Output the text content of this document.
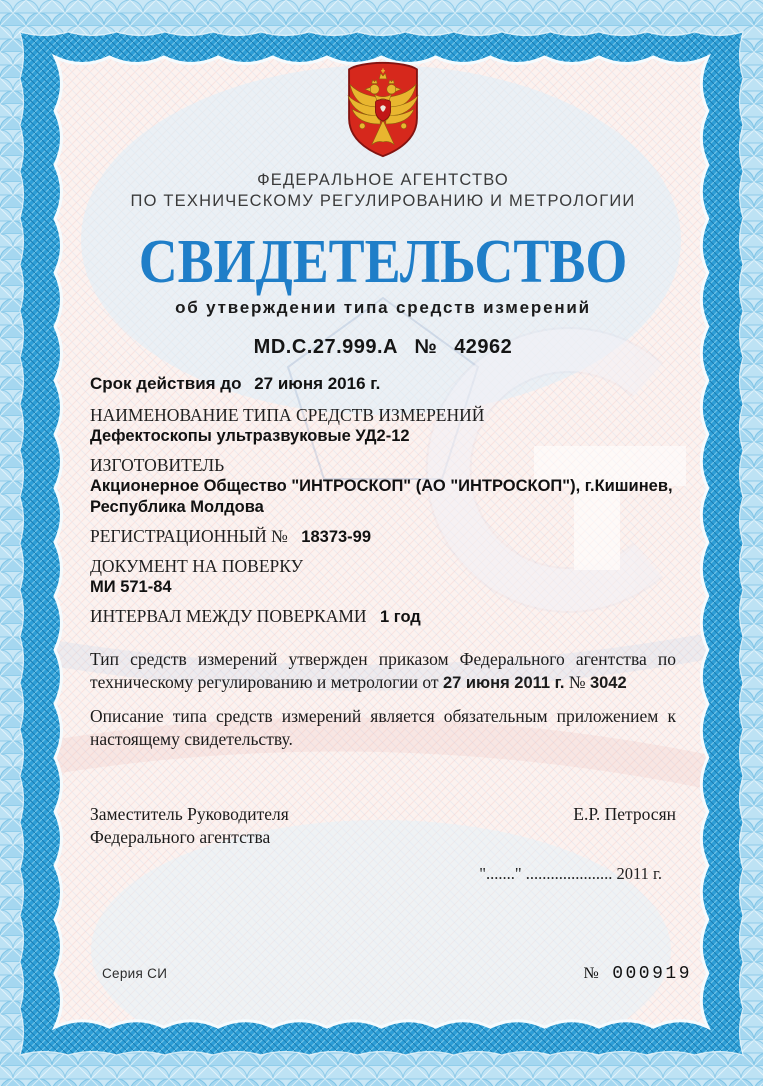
ФЕДЕРАЛЬНОЕ АГЕНТСТВО
ПО ТЕХНИЧЕСКОМУ РЕГУЛИРОВАНИЮ И МЕТРОЛОГИИ
СВИДЕТЕЛЬСТВО
об утверждении типа средств измерений
MD.C.27.999.A № 42962
Срок действия до 27 июня 2016 г.
НАИМЕНОВАНИЕ ТИПА СРЕДСТВ ИЗМЕРЕНИЙ
Дефектоскопы ультразвуковые УД2-12
ИЗГОТОВИТЕЛЬ
Акционерное Общество "ИНТРОСКОП" (АО "ИНТРОСКОП"), г.Кишинев,
Республика Молдова
РЕГИСТРАЦИОННЫЙ № 18373-99
ДОКУМЕНТ НА ПОВЕРКУ
МИ 571-84
ИНТЕРВАЛ МЕЖДУ ПОВЕРКАМИ 1 год
Тип средств измерений утвержден приказом Федерального агентства по техническому регулированию и метрологии от 27 июня 2011 г. № 3042
Описание типа средств измерений является обязательным приложением к настоящему свидетельству.
Заместитель Руководителя
Федерального агентства
Е.Р. Петросян
"......." ..................... 2011 г.
Серия СИ	№ 000919
